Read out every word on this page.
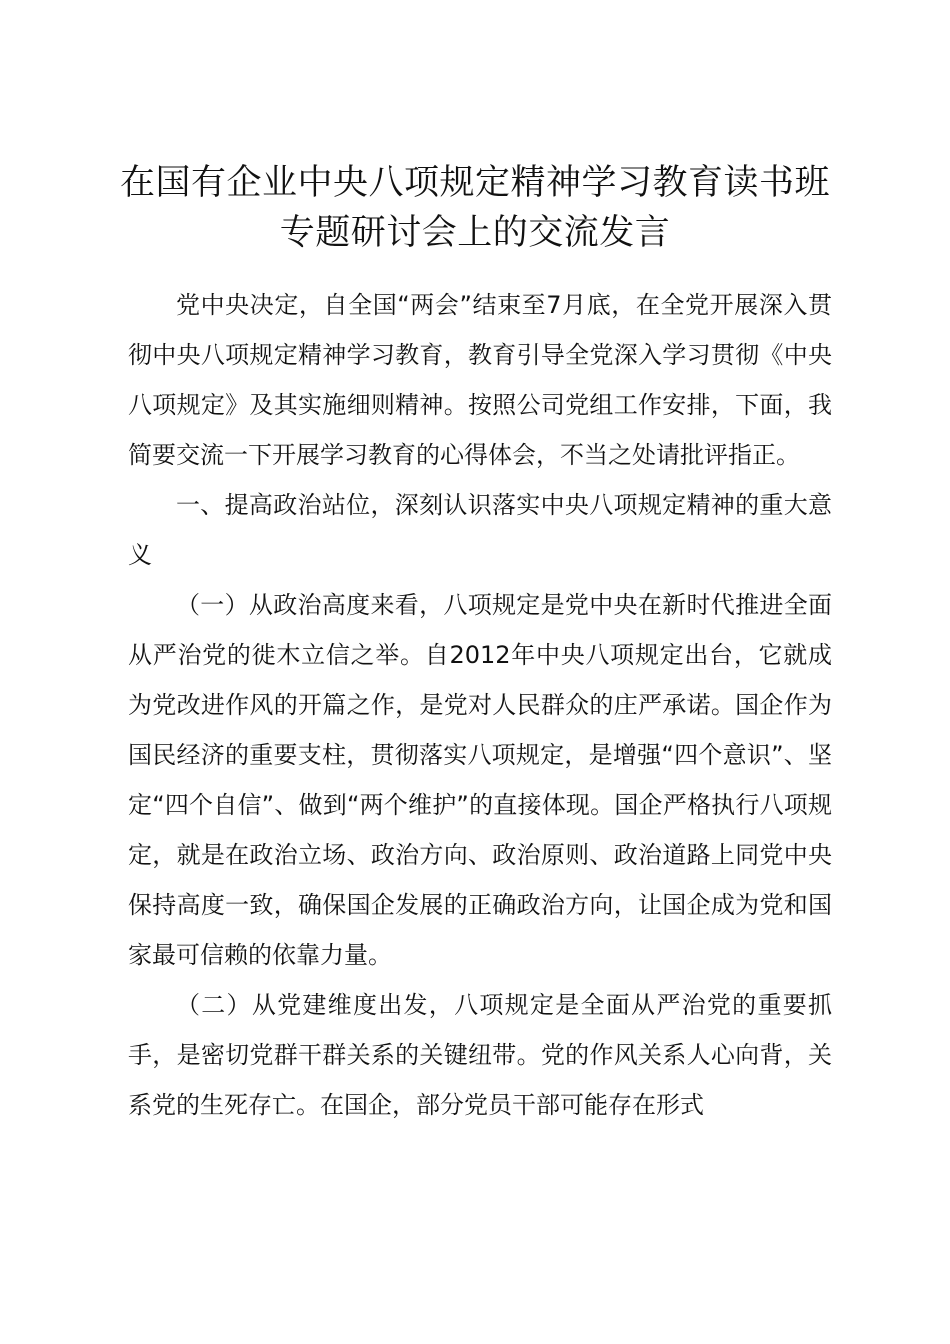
在国有企业中央八项规定精神学习教育读书班
专题研讨会上的交流发言

党中央决定，自全国“两会”结束至7月底，在全党开展深入贯彻中央八项规定精神学习教育，教育引导全党深入学习贯彻《中央八项规定》及其实施细则精神。按照公司党组工作安排，下面，我简要交流一下开展学习教育的心得体会，不当之处请批评指正。

一、提高政治站位，深刻认识落实中央八项规定精神的重大意义

（一）从政治高度来看，八项规定是党中央在新时代推进全面从严治党的徙木立信之举。自2012年中央八项规定出台，它就成为党改进作风的开篇之作，是党对人民群众的庄严承诺。国企作为国民经济的重要支柱，贯彻落实八项规定，是增强“四个意识”、坚定“四个自信”、做到“两个维护”的直接体现。国企严格执行八项规定，就是在政治立场、政治方向、政治原则、政治道路上同党中央保持高度一致，确保国企发展的正确政治方向，让国企成为党和国家最可信赖的依靠力量。

（二）从党建维度出发，八项规定是全面从严治党的重要抓手，是密切党群干群关系的关键纽带。党的作风关系人心向背，关系党的生死存亡。在国企，部分党员干部可能存在形式
